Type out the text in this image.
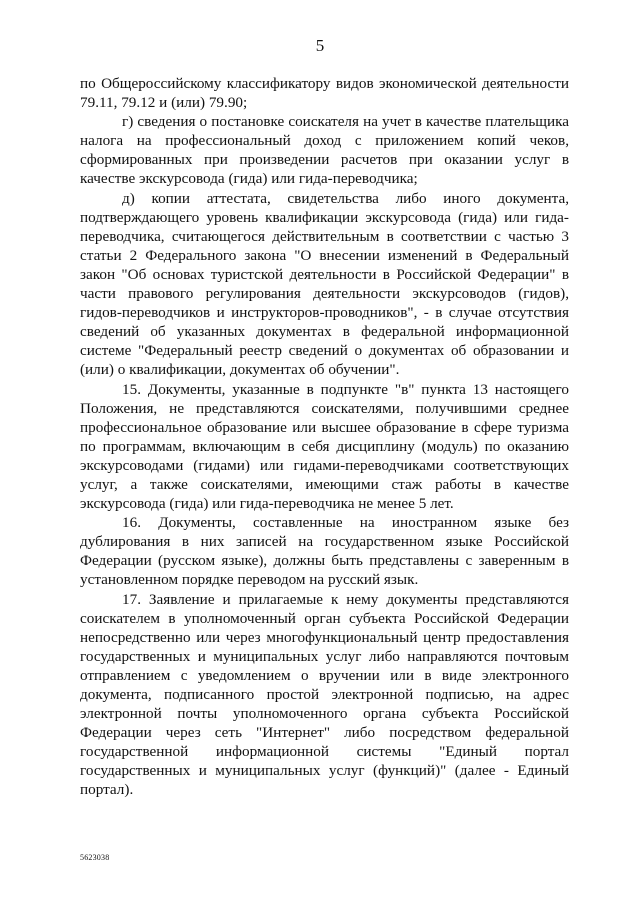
5

по Общероссийскому классификатору видов экономической деятельности 79.11, 79.12 и (или) 79.90;

г) сведения о постановке соискателя на учет в качестве плательщика налога на профессиональный доход с приложением копий чеков, сформированных при произведении расчетов при оказании услуг в качестве экскурсовода (гида) или гида-переводчика;

д) копии аттестата, свидетельства либо иного документа, подтверждающего уровень квалификации экскурсовода (гида) или гида-переводчика, считающегося действительным в соответствии с частью 3 статьи 2 Федерального закона "О внесении изменений в Федеральный закон "Об основах туристской деятельности в Российской Федерации" в части правового регулирования деятельности экскурсоводов (гидов), гидов-переводчиков и инструкторов-проводников", - в случае отсутствия сведений об указанных документах в федеральной информационной системе "Федеральный реестр сведений о документах об образовании и (или) о квалификации, документах об обучении".

15. Документы, указанные в подпункте "в" пункта 13 настоящего Положения, не представляются соискателями, получившими среднее профессиональное образование или высшее образование в сфере туризма по программам, включающим в себя дисциплину (модуль) по оказанию экскурсоводами (гидами) или гидами-переводчиками соответствующих услуг, а также соискателями, имеющими стаж работы в качестве экскурсовода (гида) или гида-переводчика не менее 5 лет.

16. Документы, составленные на иностранном языке без дублирования в них записей на государственном языке Российской Федерации (русском языке), должны быть представлены с заверенным в установленном порядке переводом на русский язык.

17. Заявление и прилагаемые к нему документы представляются соискателем в уполномоченный орган субъекта Российской Федерации непосредственно или через многофункциональный центр предоставления государственных и муниципальных услуг либо направляются почтовым отправлением с уведомлением о вручении или в виде электронного документа, подписанного простой электронной подписью, на адрес электронной почты уполномоченного органа субъекта Российской Федерации через сеть "Интернет" либо посредством федеральной государственной информационной системы "Единый портал государственных и муниципальных услуг (функций)" (далее - Единый портал).

5623038
